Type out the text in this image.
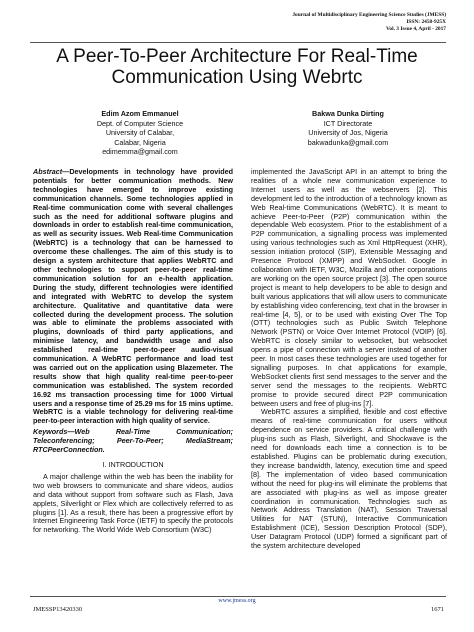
Journal of Multidisciplinary Engineering Science Studies (JMESS)
ISSN: 2458-925X
Vol. 3 Issue 4, April - 2017
A Peer-To-Peer Architecture For Real-Time
Communication Using Webrtc
Edim Azom Emmanuel
Dept. of Computer Science
University of Calabar,
Calabar, Nigeria
edimemma@gmail.com
Bakwa Dunka Dirting
ICT Directorate
University of Jos, Nigeria
bakwadunka@gmail.com

Abstract—Developments in technology have provided potentials for better communication methods. New technologies have emerged to improve existing communication channels. Some technologies applied in Real-time communication come with several challenges such as the need for additional software plugins and downloads in order to establish real-time communication, as well as security issues. Web Real-time Communication (WebRTC) is a technology that can be harnessed to overcome these challenges. The aim of this study is to design a system architecture that applies WebRTC and other technologies to support peer-to-peer real-time communication solution for an e-health application. During the study, different technologies were identified and integrated with WebRTC to develop the system architecture. Qualitative and quantitative data were collected during the development process. The solution was able to eliminate the problems associated with plugins, downloads of third party applications, and minimise latency, and bandwidth usage and also established real-time peer-to-peer audio-visual communication. A WebRTC performance and load test was carried out on the application using Blazemeter. The results show that high quality real-time peer-to-peer communication was established. The system recorded 16.92 ms transaction processing time for 1000 Virtual users and a response time of 25.29 ms for 15 mins uptime. WebRTC is a viable technology for delivering real-time peer-to-peer interaction with high quality of service.

Keywords—Web Real-Time Communication; Teleconferencing; Peer-To-Peer; MediaStream; RTCPeerConnection.

I. INTRODUCTION

A major challenge within the web has been the inability for two web browsers to communicate and share videos, audios and data without support from software such as Flash, Java applets, Silverlight or Flex which are collectively referred to as plugins [1]. As a result, there has been a progressive effort by Internet Engineering Task Force (IETF) to specify the protocols for networking. The World Wide Web Consortium (W3C)

implemented the JavaScript API in an attempt to bring the realities of a whole new communication experience to Internet users as well as the webservers [2]. This development led to the introduction of a technology known as Web Real-time Communications (WebRTC). It is meant to achieve Peer-to-Peer (P2P) communication within the dependable Web ecosystem. Prior to the establishment of a P2P communication, a signalling process was implemented using various technologies such as Xml HttpRequest (XHR), session initiation protocol (SIP), Extensible Messaging and Presence Protocol (XMPP) and WebSocket. Google in collaboration with IETF, W3C, Mozilla and other corporations are working on the open source project [3]. The open source project is meant to help developers to be able to design and built various applications that will allow users to communicate by establishing video conferencing, text chat in the browser in real-time [4, 5], or to be used with existing Over The Top (OTT) technologies such as Public Switch Telephone Network (PSTN) or Voice Over Internet Protocol (VOIP) [6]. WebRTC is closely similar to websocket, but websocket opens a pipe of connection with a server instead of another peer. In most cases these technologies are used together for signalling purposes. In chat applications for example, WebSocket clients first send messages to the server and the server send the messages to the recipients. WebRTC promise to provide secured direct P2P communication between users and free of plug-ins [7].

WebRTC assures a simplified, flexible and cost effective means of real-time communication for users without dependence on service providers. A critical challenge with plug-ins such as Flash, Silverlight, and Shockwave is the need for downloads each time a connection is to be established. Plugins can be problematic during execution, they increase bandwidth, latency, execution time and speed [8]. The implementation of video based communication without the need for plug-ins will eliminate the problems that are associated with plug-ins as well as impose greater coordination in communication. Technologies such as Network Address Translation (NAT), Session Traversal Utilities for NAT (STUN), Interactive Communication Establishment (ICE), Session Description Protocol (SDP), User Datagram Protocol (UDP) formed a significant part of the system architecture developed

www.jmess.org
JMESSP13420330	1671
